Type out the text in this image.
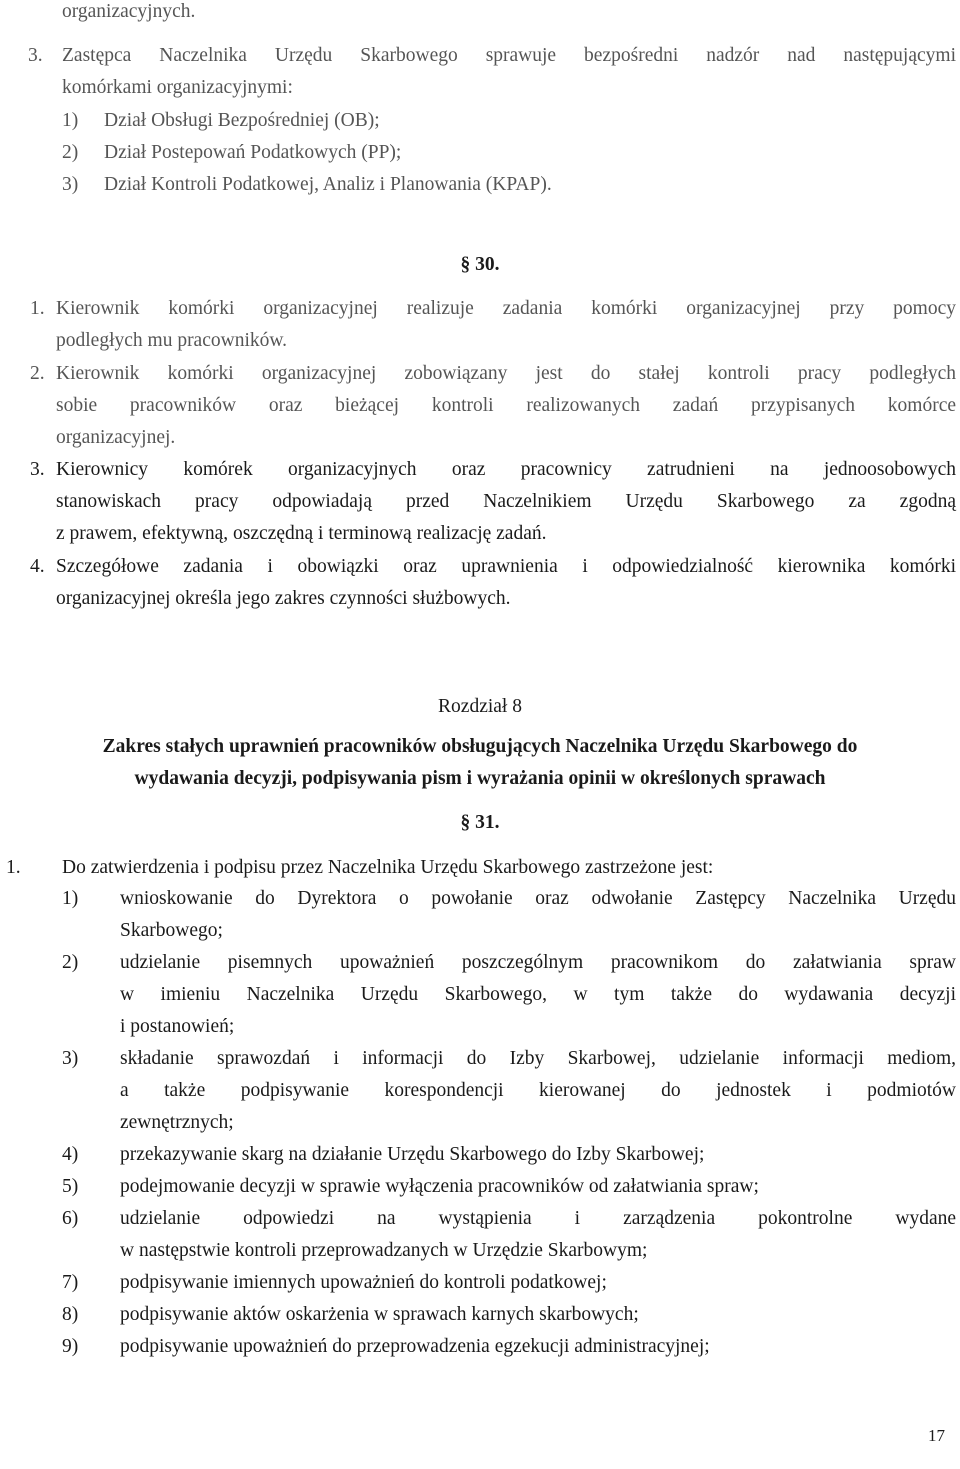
organizacyjnych.
3. Zastępca Naczelnika Urzędu Skarbowego sprawuje bezpośredni nadzór nad następującymi
komórkami organizacyjnymi:
1) Dział Obsługi Bezpośredniej (OB);
2) Dział Postepowań Podatkowych (PP);
3) Dział Kontroli Podatkowej, Analiz i Planowania (KPAP).
§ 30.
1. Kierownik komórki organizacyjnej realizuje zadania komórki organizacyjnej przy pomocy
podległych mu pracowników.
2. Kierownik komórki organizacyjnej zobowiązany jest do stałej kontroli pracy podległych
sobie pracowników oraz bieżącej kontroli realizowanych zadań przypisanych komórce
organizacyjnej.
3. Kierownicy komórek organizacyjnych oraz pracownicy zatrudnieni na jednoosobowych
stanowiskach pracy odpowiadają przed Naczelnikiem Urzędu Skarbowego za zgodną
z prawem, efektywną, oszczędną i terminową realizację zadań.
4. Szczegółowe zadania i obowiązki oraz uprawnienia i odpowiedzialność kierownika komórki
organizacyjnej określa jego zakres czynności służbowych.
Rozdział 8
Zakres stałych uprawnień pracowników obsługujących Naczelnika Urzędu Skarbowego do
wydawania decyzji, podpisywania pism i wyrażania opinii w określonych sprawach
§ 31.
1. Do zatwierdzenia i podpisu przez Naczelnika Urzędu Skarbowego zastrzeżone jest:
1) wnioskowanie do Dyrektora o powołanie oraz odwołanie Zastępcy Naczelnika Urzędu
Skarbowego;
2) udzielanie pisemnych upoważnień poszczególnym pracownikom do załatwiania spraw
w imieniu Naczelnika Urzędu Skarbowego, w tym także do wydawania decyzji
i postanowień;
3) składanie sprawozdań i informacji do Izby Skarbowej, udzielanie informacji mediom,
a także podpisywanie korespondencji kierowanej do jednostek i podmiotów
zewnętrznych;
4) przekazywanie skarg na działanie Urzędu Skarbowego do Izby Skarbowej;
5) podejmowanie decyzji w sprawie wyłączenia pracowników od załatwiania spraw;
6) udzielanie odpowiedzi na wystąpienia i zarządzenia pokontrolne wydane
w następstwie kontroli przeprowadzanych w Urzędzie Skarbowym;
7) podpisywanie imiennych upoważnień do kontroli podatkowej;
8) podpisywanie aktów oskarżenia w sprawach karnych skarbowych;
9) podpisywanie upoważnień do przeprowadzenia egzekucji administracyjnej;
17
